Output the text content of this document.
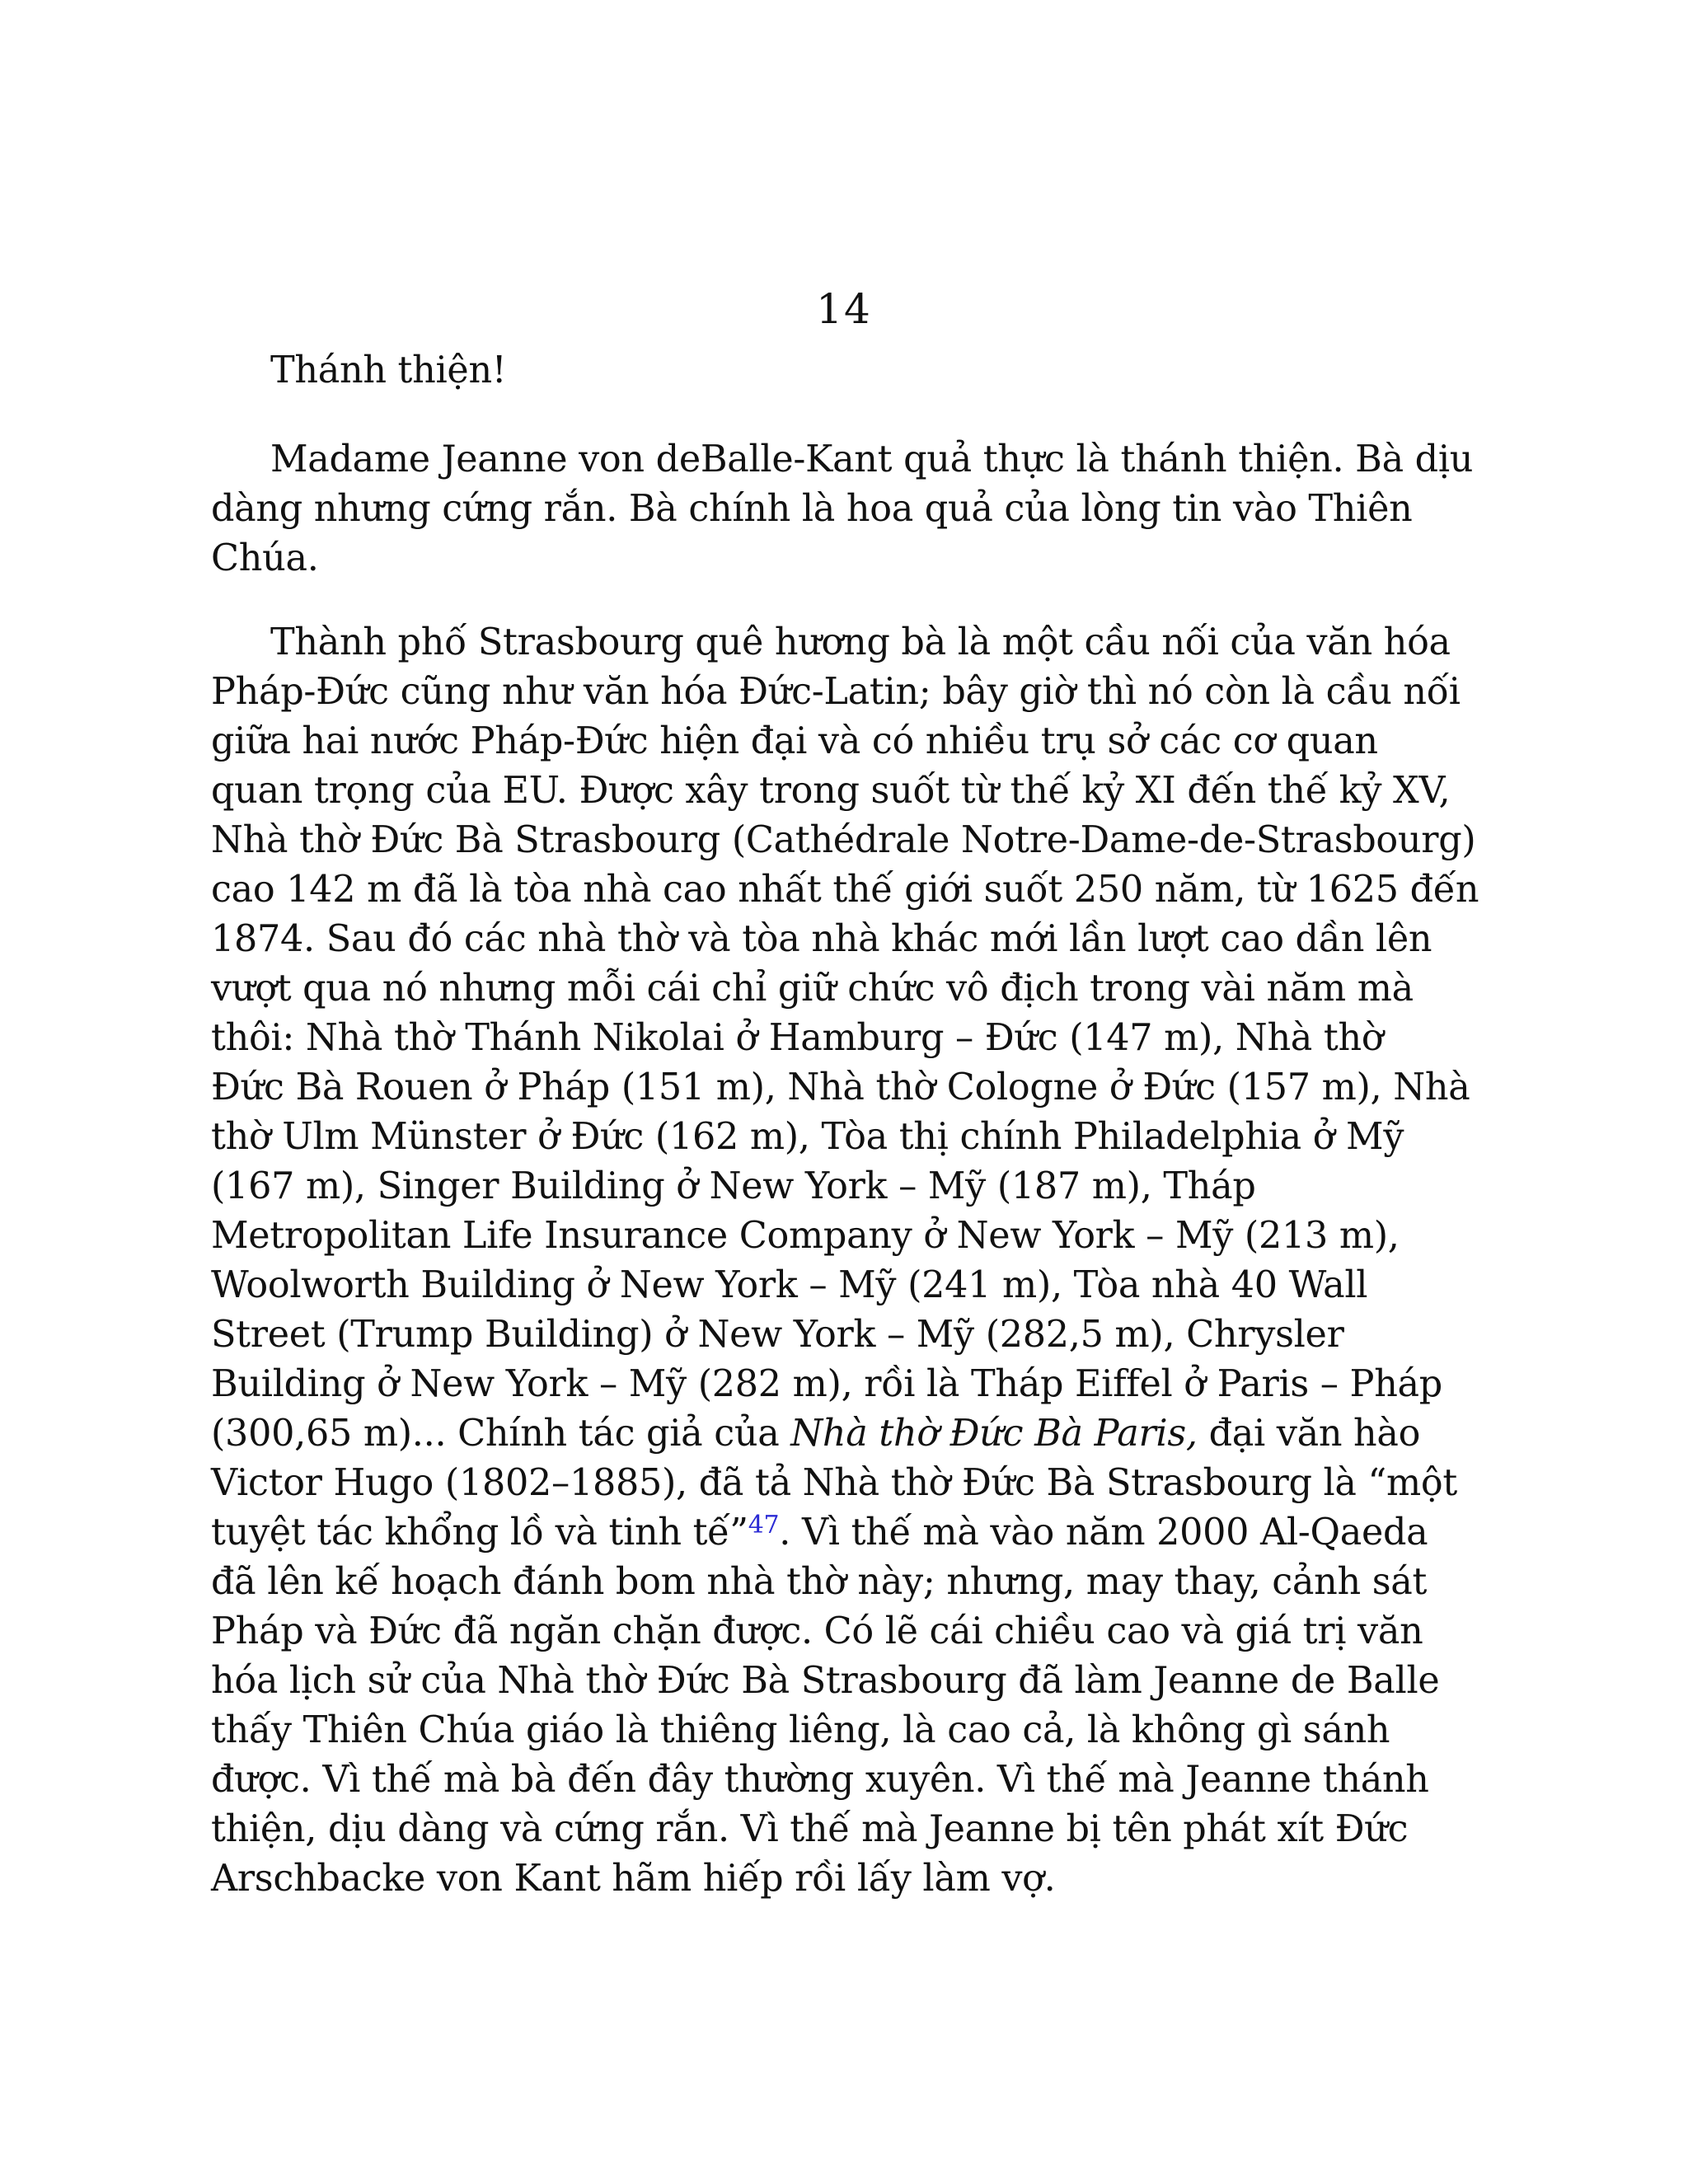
14
Thánh thiện!
Madame Jeanne von deBalle-Kant quả thực là thánh thiện. Bà dịu
dàng nhưng cứng rắn. Bà chính là hoa quả của lòng tin vào Thiên
Chúa.
Thành phố Strasbourg quê hương bà là một cầu nối của văn hóa
Pháp-Đức cũng như văn hóa Đức-Latin; bây giờ thì nó còn là cầu nối
giữa hai nước Pháp-Đức hiện đại và có nhiều trụ sở các cơ quan
quan trọng của EU. Được xây trong suốt từ thế kỷ XI đến thế kỷ XV,
Nhà thờ Đức Bà Strasbourg (Cathédrale Notre-Dame-de-Strasbourg)
cao 142 m đã là tòa nhà cao nhất thế giới suốt 250 năm, từ 1625 đến
1874. Sau đó các nhà thờ và tòa nhà khác mới lần lượt cao dần lên
vượt qua nó nhưng mỗi cái chỉ giữ chức vô địch trong vài năm mà
thôi: Nhà thờ Thánh Nikolai ở Hamburg – Đức (147 m), Nhà thờ
Đức Bà Rouen ở Pháp (151 m), Nhà thờ Cologne ở Đức (157 m), Nhà
thờ Ulm Münster ở Đức (162 m), Tòa thị chính Philadelphia ở Mỹ
(167 m), Singer Building ở New York – Mỹ (187 m), Tháp
Metropolitan Life Insurance Company ở New York – Mỹ (213 m),
Woolworth Building ở New York – Mỹ (241 m), Tòa nhà 40 Wall
Street (Trump Building) ở New York – Mỹ (282,5 m), Chrysler
Building ở New York – Mỹ (282 m), rồi là Tháp Eiffel ở Paris – Pháp
(300,65 m)... Chính tác giả của Nhà thờ Đức Bà Paris, đại văn hào
Victor Hugo (1802–1885), đã tả Nhà thờ Đức Bà Strasbourg là “một
tuyệt tác khổng lồ và tinh tế”$^{47}$. Vì thế mà vào năm 2000 Al-Qaeda
đã lên kế hoạch đánh bom nhà thờ này; nhưng, may thay, cảnh sát
Pháp và Đức đã ngăn chặn được. Có lẽ cái chiều cao và giá trị văn
hóa lịch sử của Nhà thờ Đức Bà Strasbourg đã làm Jeanne de Balle
thấy Thiên Chúa giáo là thiêng liêng, là cao cả, là không gì sánh
được. Vì thế mà bà đến đây thường xuyên. Vì thế mà Jeanne thánh
thiện, dịu dàng và cứng rắn. Vì thế mà Jeanne bị tên phát xít Đức
Arschbacke von Kant hãm hiếp rồi lấy làm vợ.
